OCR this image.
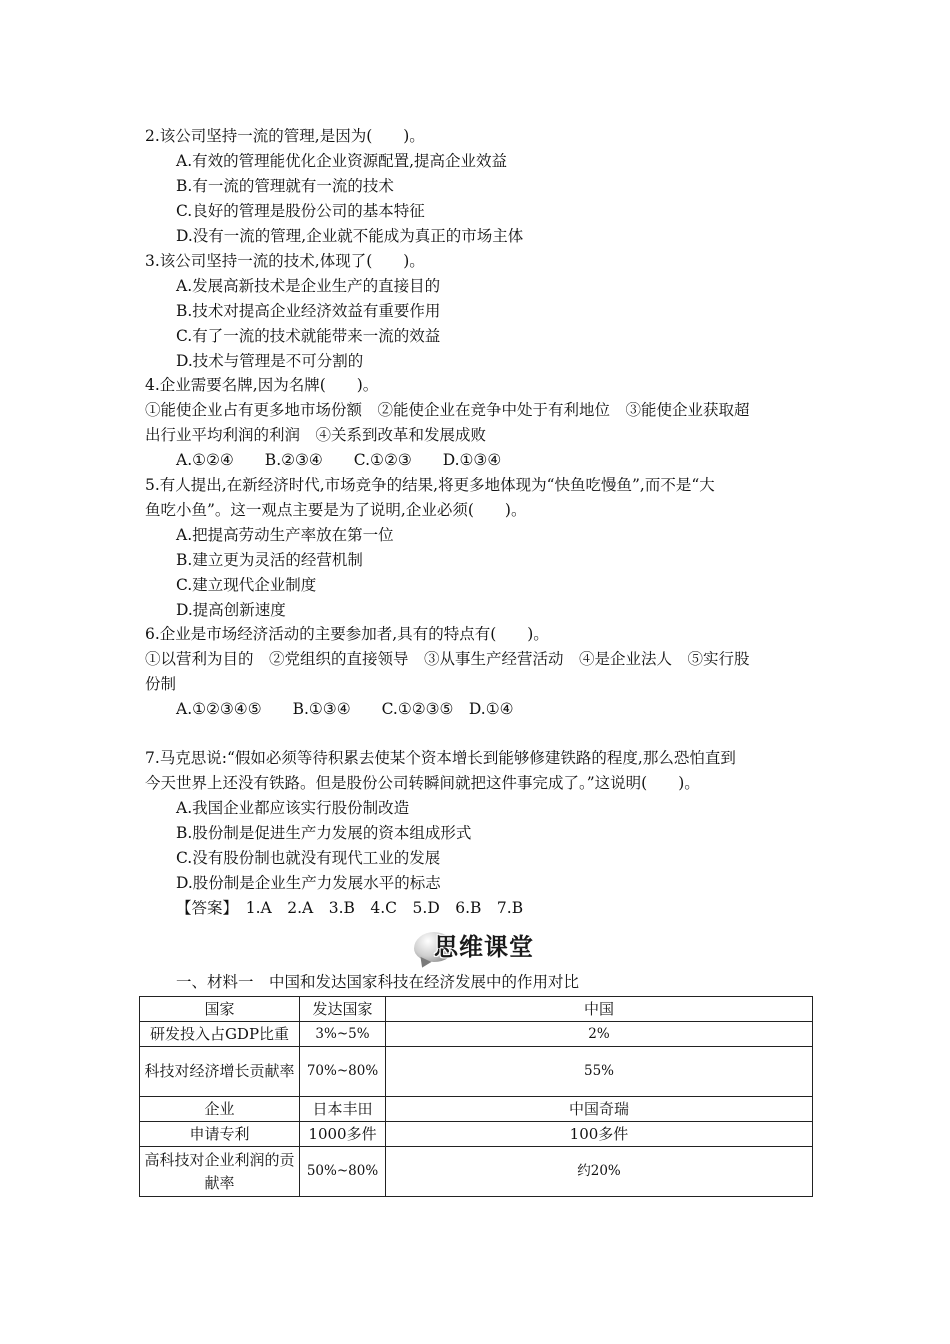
2.该公司坚持一流的管理,是因为(　　)。
A.有效的管理能优化企业资源配置,提高企业效益
B.有一流的管理就有一流的技术
C.良好的管理是股份公司的基本特征
D.没有一流的管理,企业就不能成为真正的市场主体
3.该公司坚持一流的技术,体现了(　　)。
A.发展高新技术是企业生产的直接目的
B.技术对提高企业经济效益有重要作用
C.有了一流的技术就能带来一流的效益
D.技术与管理是不可分割的
4.企业需要名牌,因为名牌(　　)。
①能使企业占有更多地市场份额　②能使企业在竞争中处于有利地位　③能使企业获取超
出行业平均利润的利润　④关系到改革和发展成败
A.①②④　　B.②③④　　C.①②③　　D.①③④
5.有人提出,在新经济时代,市场竞争的结果,将更多地体现为“快鱼吃慢鱼”,而不是“大
鱼吃小鱼”。这一观点主要是为了说明,企业必须(　　)。
A.把提高劳动生产率放在第一位
B.建立更为灵活的经营机制
C.建立现代企业制度
D.提高创新速度
6.企业是市场经济活动的主要参加者,具有的特点有(　　)。
①以营利为目的　②党组织的直接领导　③从事生产经营活动　④是企业法人　⑤实行股
份制
A.①②③④⑤　　B.①③④　　C.①②③⑤　D.①④
7.马克思说:“假如必须等待积累去使某个资本增长到能够修建铁路的程度,那么恐怕直到
今天世界上还没有铁路。但是股份公司转瞬间就把这件事完成了。”这说明(　　)。
A.我国企业都应该实行股份制改造
B.股份制是促进生产力发展的资本组成形式
C.没有股份制也就没有现代工业的发展
D.股份制是企业生产力发展水平的标志
【答案】　1.A　2.A　3.B　4.C　5.D　6.B　7.B
思维课堂
一、材料一　中国和发达国家科技在经济发展中的作用对比
国家	发达国家	中国
研发投入占GDP比重	3%~5%	2%
科技对经济增长贡献率	70%~80%	55%
企业	日本丰田	中国奇瑞
申请专利	1000多件	100多件
高科技对企业利润的贡献率	50%~80%	约20%
